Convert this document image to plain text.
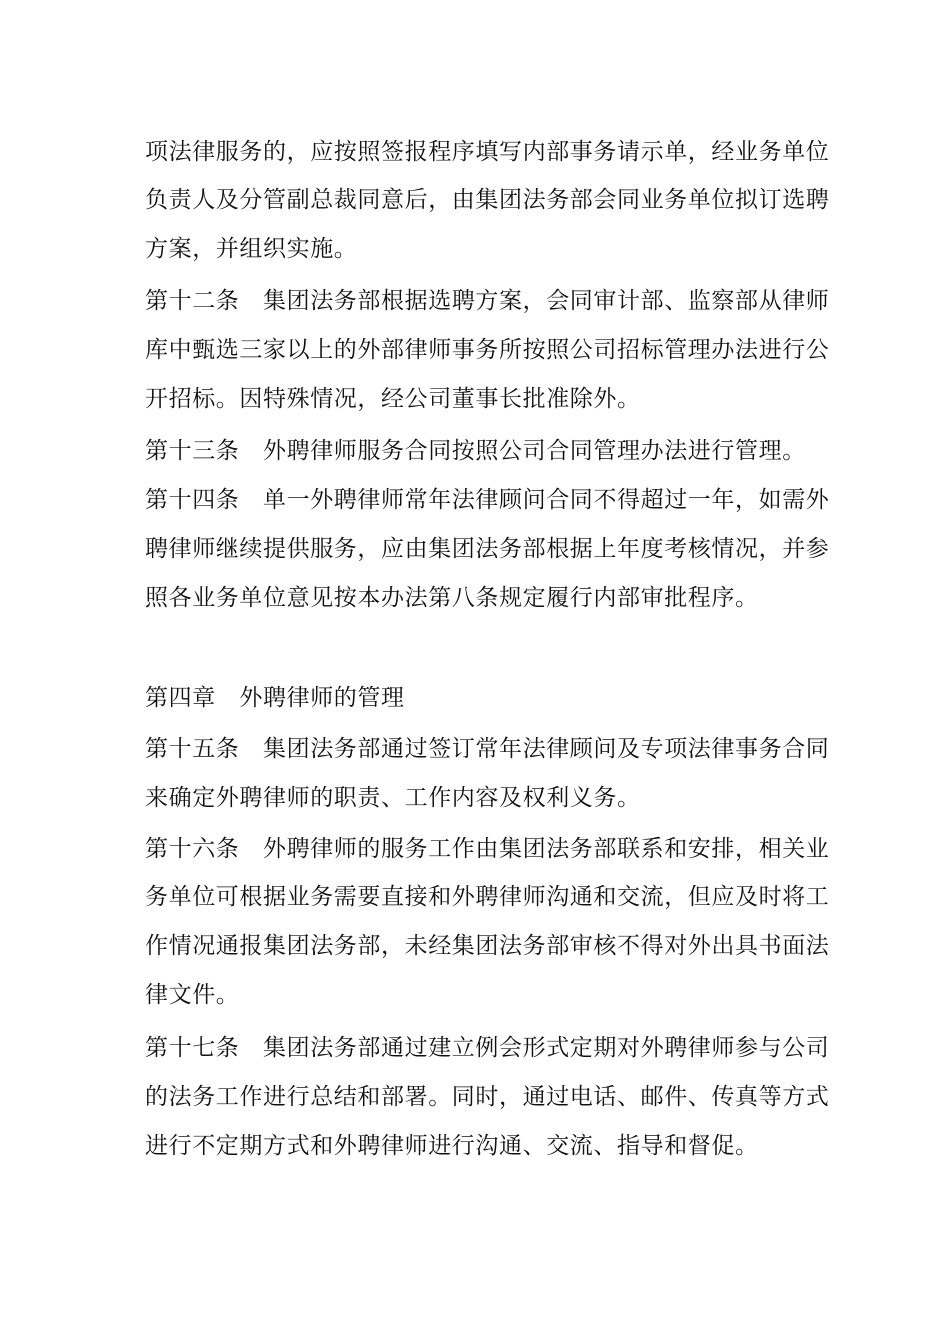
项法律服务的，应按照签报程序填写内部事务请示单，经业务单位
负责人及分管副总裁同意后，由集团法务部会同业务单位拟订选聘
方案，并组织实施。
第十二条　集团法务部根据选聘方案，会同审计部、监察部从律师
库中甄选三家以上的外部律师事务所按照公司招标管理办法进行公
开招标。因特殊情况，经公司董事长批准除外。
第十三条　外聘律师服务合同按照公司合同管理办法进行管理。
第十四条　单一外聘律师常年法律顾问合同不得超过一年，如需外
聘律师继续提供服务，应由集团法务部根据上年度考核情况，并参
照各业务单位意见按本办法第八条规定履行内部审批程序。
第四章　外聘律师的管理
第十五条　集团法务部通过签订常年法律顾问及专项法律事务合同
来确定外聘律师的职责、工作内容及权利义务。
第十六条　外聘律师的服务工作由集团法务部联系和安排，相关业
务单位可根据业务需要直接和外聘律师沟通和交流，但应及时将工
作情况通报集团法务部，未经集团法务部审核不得对外出具书面法
律文件。
第十七条　集团法务部通过建立例会形式定期对外聘律师参与公司
的法务工作进行总结和部署。同时，通过电话、邮件、传真等方式
进行不定期方式和外聘律师进行沟通、交流、指导和督促。
